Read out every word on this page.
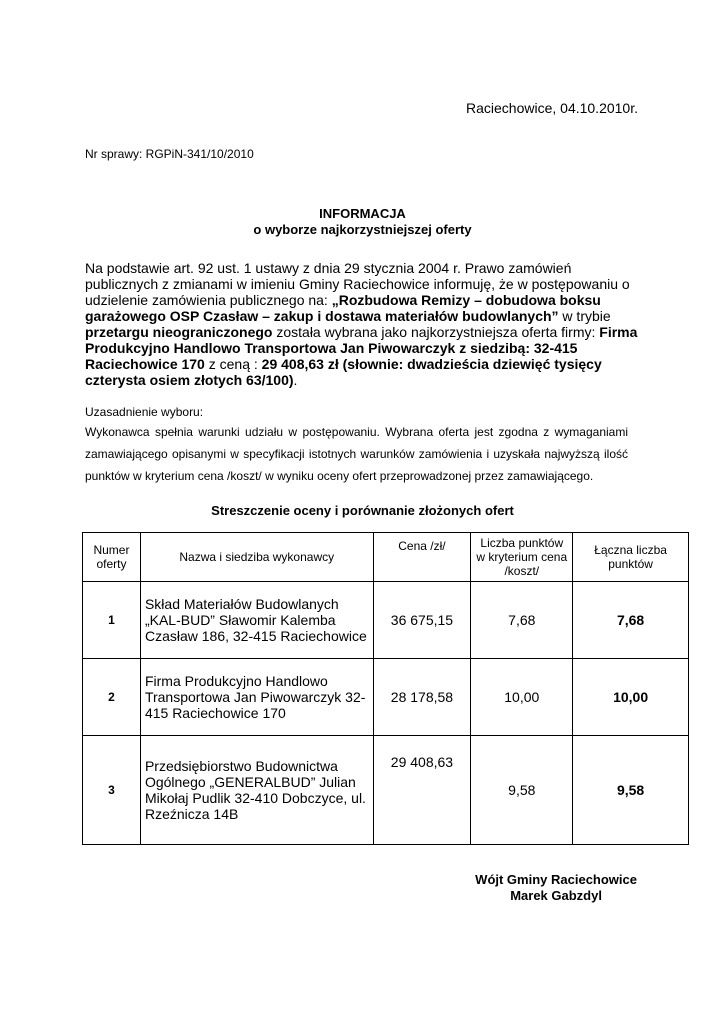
Raciechowice, 04.10.2010r.
Nr sprawy: RGPiN-341/10/2010
INFORMACJA
o wyborze najkorzystniejszej oferty
Na podstawie art. 92 ust. 1 ustawy z dnia 29 stycznia 2004 r. Prawo zamówień publicznych z zmianami w imieniu Gminy Raciechowice informuję, że w postępowaniu o udzielenie zamówienia publicznego na: „Rozbudowa Remizy – dobudowa boksu garażowego OSP Czasław – zakup i dostawa materiałów budowlanych” w trybie przetargu nieograniczonego została wybrana jako najkorzystniejsza oferta firmy: Firma Produkcyjno Handlowo Transportowa Jan Piwowarczyk z siedzibą: 32-415 Raciechowice 170 z ceną : 29 408,63 zł (słownie: dwadzieścia dziewięć tysięcy czterysta osiem złotych 63/100).
Uzasadnienie wyboru:
Wykonawca spełnia warunki udziału w postępowaniu. Wybrana oferta jest zgodna z wymaganiami zamawiającego opisanymi w specyfikacji istotnych warunków zamówienia i uzyskała najwyższą ilość punktów w kryterium cena /koszt/ w wyniku oceny ofert przeprowadzonej przez zamawiającego.
Streszczenie oceny i porównanie złożonych ofert
Numer oferty	Nazwa i siedziba wykonawcy	Cena /zł/	Liczba punktów w kryterium cena /koszt/	Łączna liczba punktów
1	Skład Materiałów Budowlanych „KAL-BUD” Sławomir Kalemba Czasław 186, 32-415 Raciechowice	36 675,15	7,68	7,68
2	Firma Produkcyjno Handlowo Transportowa Jan Piwowarczyk 32-415 Raciechowice 170	28 178,58	10,00	10,00
3	Przedsiębiorstwo Budownictwa Ogólnego „GENERALBUD” Julian Mikołaj Pudlik 32-410 Dobczyce, ul. Rzeźnicza 14B	29 408,63	9,58	9,58
Wójt Gminy Raciechowice
Marek Gabzdyl
